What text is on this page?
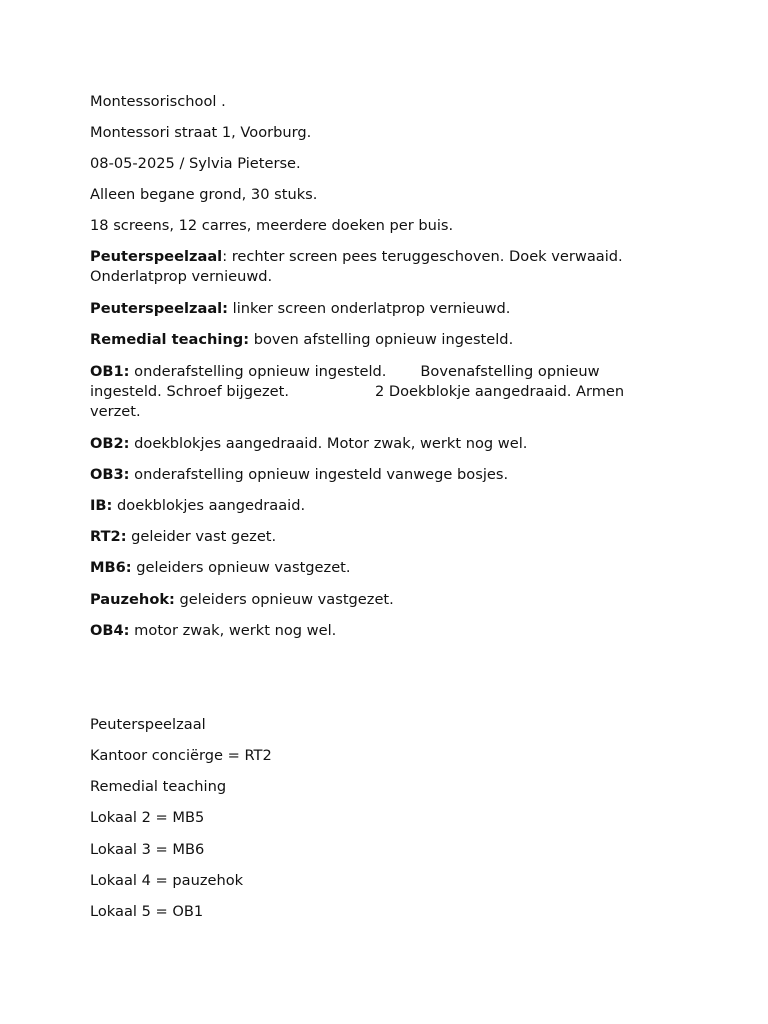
Montessorischool .

Montessori straat 1, Voorburg.

08-05-2025 / Sylvia Pieterse.

Alleen begane grond, 30 stuks.

18 screens, 12 carres, meerdere doeken per buis.

Peuterspeelzaal: rechter screen pees teruggeschoven. Doek verwaaid.
Onderlatprop vernieuwd.

Peuterspeelzaal: linker screen onderlatprop vernieuwd.

Remedial teaching: boven afstelling opnieuw ingesteld.

OB1: onderafstelling opnieuw ingesteld. Bovenafstelling opnieuw
ingesteld. Schroef bijgezet.	2 Doekblokje aangedraaid. Armen
verzet.

OB2: doekblokjes aangedraaid. Motor zwak, werkt nog wel.

OB3: onderafstelling opnieuw ingesteld vanwege bosjes.

IB: doekblokjes aangedraaid.

RT2: geleider vast gezet.

MB6: geleiders opnieuw vastgezet.

Pauzehok: geleiders opnieuw vastgezet.

OB4: motor zwak, werkt nog wel.

Peuterspeelzaal

Kantoor conciërge = RT2

Remedial teaching

Lokaal 2 = MB5

Lokaal 3 = MB6

Lokaal 4 = pauzehok

Lokaal 5 = OB1
